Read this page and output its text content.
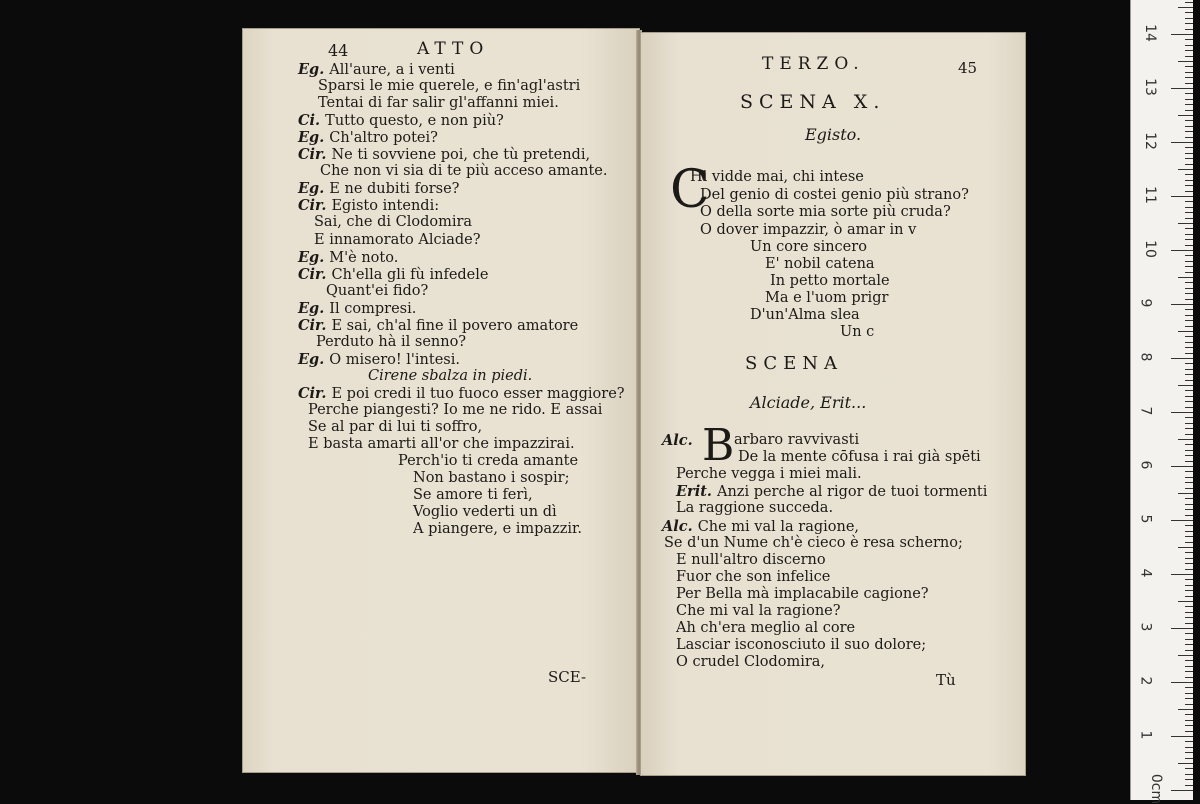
44	ATTO
Eg. All'aure, a i venti
Sparsi le mie querele, e fin'agl'astri
Tentai di far salir gl'affanni miei.
Ci. Tutto questo, e non più?
Eg. Ch'altro potei?
Cir. Ne ti sovviene poi, che tù pretendi,
Che non vi sia di te più acceso amante.
Eg. E ne dubiti forse?
Cir. Egisto intendi:
Sai, che di Clodomira
E innamorato Alciade?
Eg. M'è noto.
Cir. Ch'ella gli fù infedele
Quant'ei fido?
Eg. Il compresi.
Cir. E sai, ch'al fine il povero amatore
Perduto hà il senno?
Eg. O misero! l'intesi.
Cirene sbalza in piedi.
Cir. E poi credi il tuo fuoco esser maggiore?
Perche piangesti? Io me ne rido. E assai
Se al par di lui ti soffro,
E basta amarti all'or che impazzirai.
Perch'io ti creda amante
Non bastano i sospir;
Se amore ti ferì,
Voglio vederti un dì
A piangere, e impazzir.
SCE-
TERZO.	45
SCENA X.
Egisto.
C
Hi vidde mai, chi intese
Del genio di costei genio più strano?
O della sorte mia sorte più cruda?
O dover impazzir, ò amar in v
Un core sincero
E' nobil catena
In petto mortale
Ma e l'uom prigr
D'un'Alma slea
Un c
SCENA
Alciade, Erit...
B
Alc.	arbaro ravvivasti
De la mente cōfusa i rai già spēti
Perche vegga i miei mali.
Erit. Anzi perche al rigor de tuoi tormenti
La raggione succeda.
Alc. Che mi val la ragione,
Se d'un Nume ch'è cieco è resa scherno;
E null'altro discerno
Fuor che son infelice
Per Bella mà implacabile cagione?
Che mi val la ragione?
Ah ch'era meglio al core
Lasciar isconosciuto il suo dolore;
O crudel Clodomira,
Tù
0cm
1
2
3
4
5
6
7
8
9
10
11
12
13
14
